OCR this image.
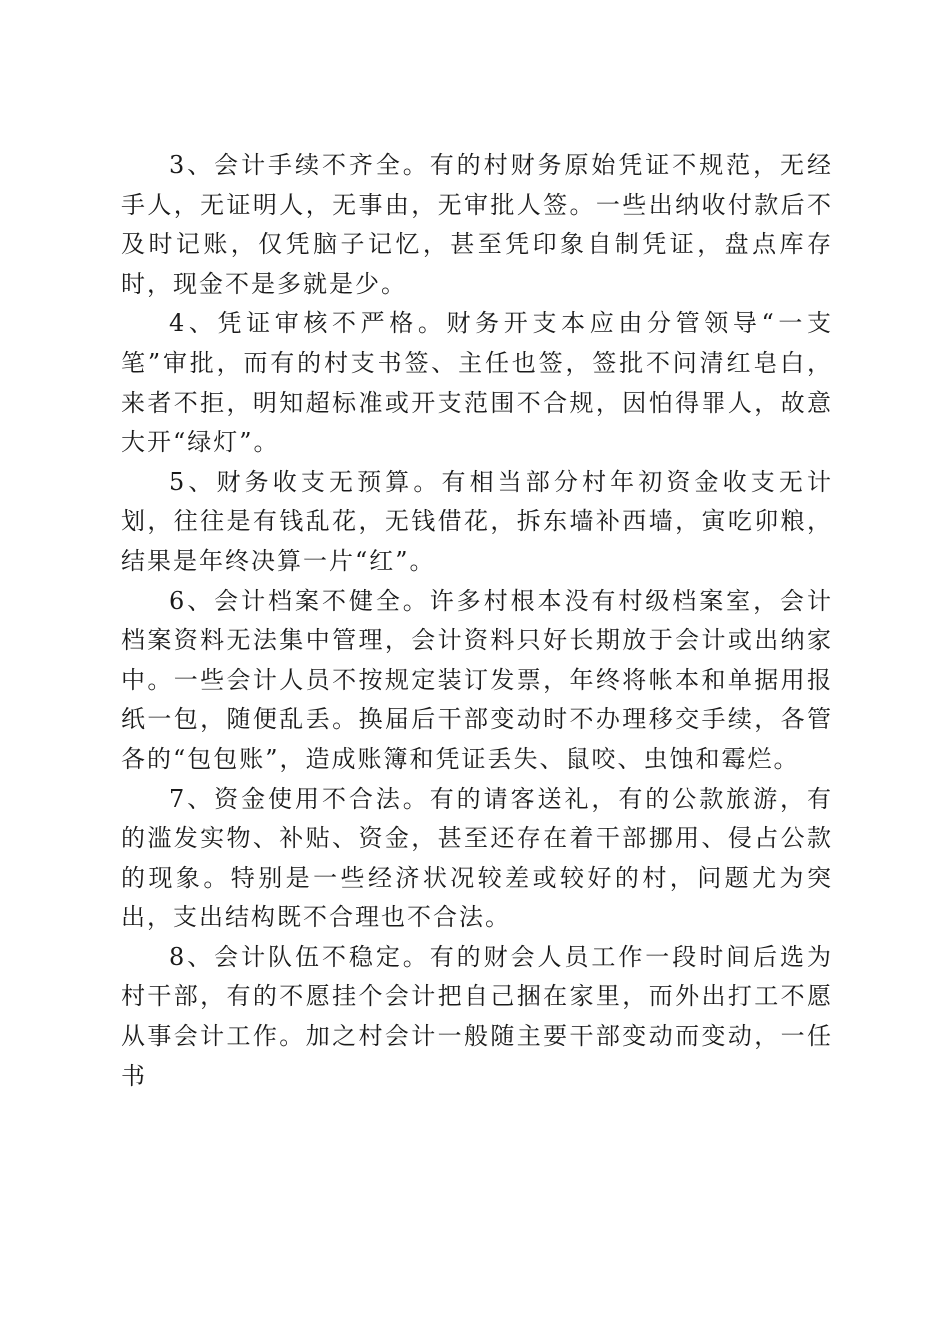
3、会计手续不齐全。有的村财务原始凭证不规范，无经手人，无证明人，无事由，无审批人签。一些出纳收付款后不及时记账，仅凭脑子记忆，甚至凭印象自制凭证，盘点库存时，现金不是多就是少。

4、凭证审核不严格。财务开支本应由分管领导“一支笔”审批，而有的村支书签、主任也签，签批不问清红皂白，来者不拒，明知超标准或开支范围不合规，因怕得罪人，故意大开“绿灯”。

5、财务收支无预算。有相当部分村年初资金收支无计划，往往是有钱乱花，无钱借花，拆东墙补西墙，寅吃卯粮，结果是年终决算一片“红”。

6、会计档案不健全。许多村根本没有村级档案室，会计档案资料无法集中管理，会计资料只好长期放于会计或出纳家中。一些会计人员不按规定装订发票，年终将帐本和单据用报纸一包，随便乱丢。换届后干部变动时不办理移交手续，各管各的“包包账”，造成账簿和凭证丢失、鼠咬、虫蚀和霉烂。

7、资金使用不合法。有的请客送礼，有的公款旅游，有的滥发实物、补贴、资金，甚至还存在着干部挪用、侵占公款的现象。特别是一些经济状况较差或较好的村，问题尤为突出，支出结构既不合理也不合法。

8、会计队伍不稳定。有的财会人员工作一段时间后选为村干部，有的不愿挂个会计把自己捆在家里，而外出打工不愿从事会计工作。加之村会计一般随主要干部变动而变动，一任书
